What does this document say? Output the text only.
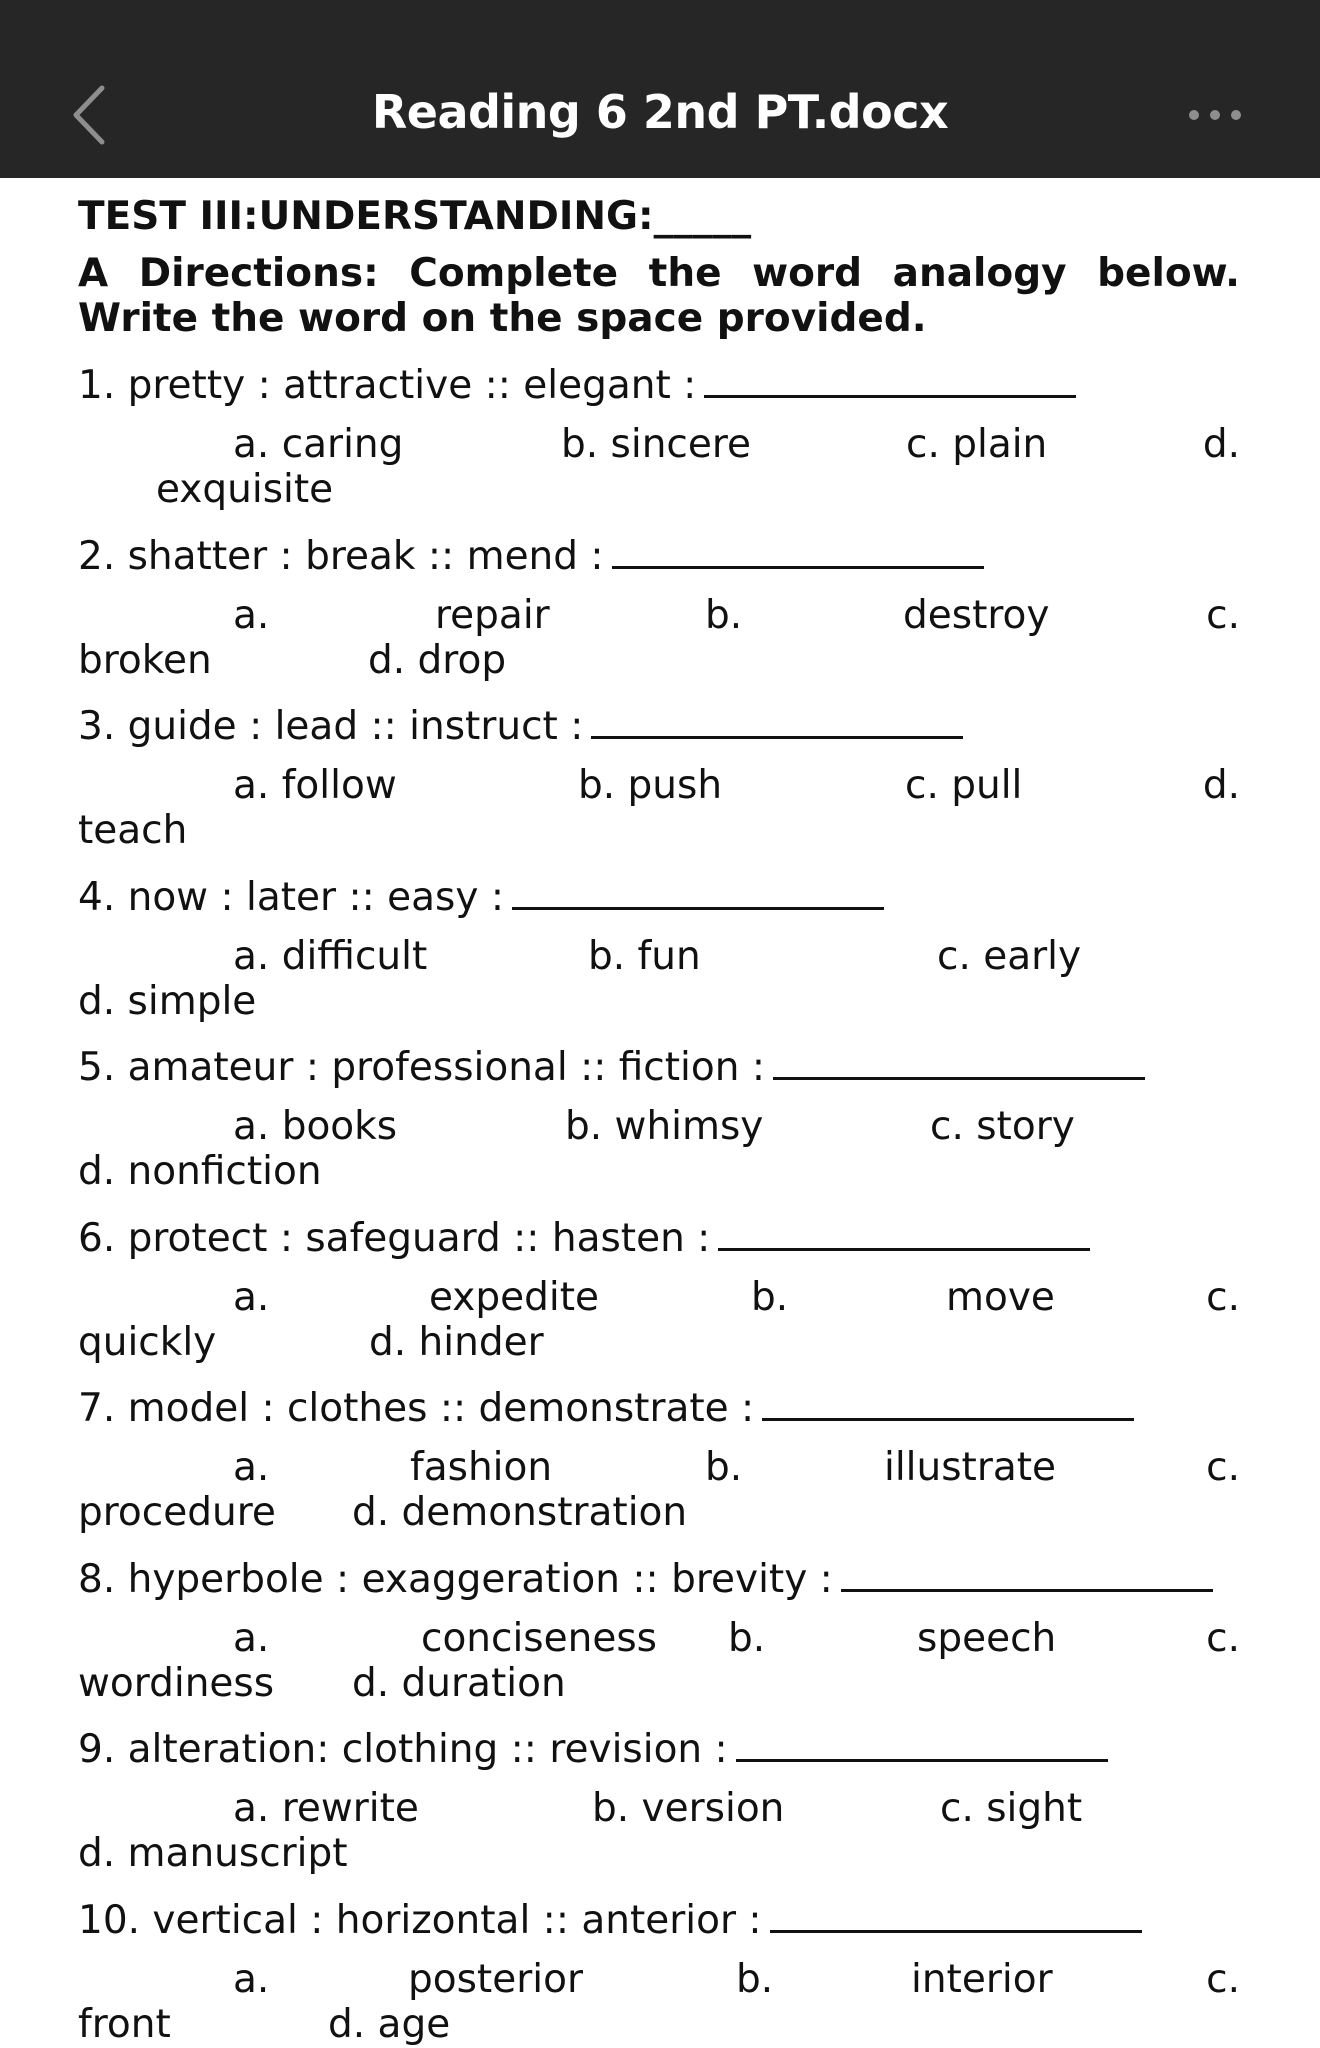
Reading 6 2nd PT.docx
TEST III:UNDERSTANDING:_____
A Directions: Complete the word analogy below. Write the word on the space provided.
1. pretty : attractive :: elegant :
a. caring	b. sincere	c. plain	d.
exquisite
2. shatter : break :: mend :
a.	repair	b.	destroy	c.
broken	d. drop
3. guide : lead :: instruct :
a. follow	b. push	c. pull	d.
teach
4. now : later :: easy :
a. difficult	b. fun	c. early
d. simple
5. amateur : professional :: fiction :
a. books	b. whimsy	c. story
d. nonfiction
6. protect : safeguard :: hasten :
a.	expedite	b.	move	c.
quickly	d. hinder
7. model : clothes :: demonstrate :
a.	fashion	b.	illustrate	c.
procedure d. demonstration
8. hyperbole : exaggeration :: brevity :
a.	conciseness b.	speech	c.
wordiness d. duration
9. alteration: clothing :: revision :
a. rewrite	b. version	c. sight
d. manuscript
10. vertical : horizontal :: anterior :
a.	posterior	b.	interior	c.
front	d. age
